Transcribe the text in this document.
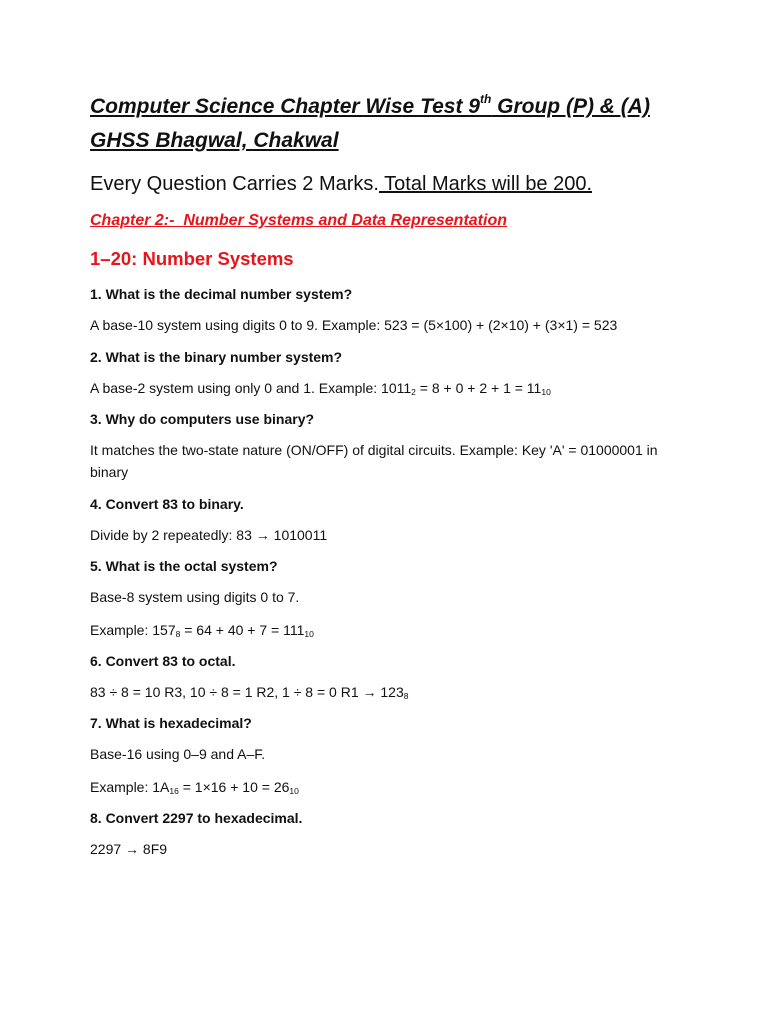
Computer Science Chapter Wise Test 9th Group (P) & (A)
GHSS Bhagwal, Chakwal

Every Question Carries 2 Marks. Total Marks will be 200.
Chapter 2:-  Number Systems and Data Representation
1–20: Number Systems
1. What is the decimal number system?
A base-10 system using digits 0 to 9. Example: 523 = (5×100) + (2×10) + (3×1) = 523
2. What is the binary number system?
A base-2 system using only 0 and 1. Example: $1011_2 = 8 + 0 + 2 + 1 = 11_{10}$
3. Why do computers use binary?
It matches the two-state nature (ON/OFF) of digital circuits. Example: Key 'A' = 01000001 in binary
4. Convert 83 to binary.
Divide by 2 repeatedly: 83 → 1010011
5. What is the octal system?
Base-8 system using digits 0 to 7.
Example: $157_8 = 64 + 40 + 7 = 111_{10}$
6. Convert 83 to octal.
83 ÷ 8 = 10 R3, 10 ÷ 8 = 1 R2, 1 ÷ 8 = 0 $R1 \to 123_8$
7. What is hexadecimal?
Base-16 using 0–9 and A–F.
Example: $1A_{16} = 1\times 16 + 10 = 26_{10}$
8. Convert 2297 to hexadecimal.
2297 → 8F9
